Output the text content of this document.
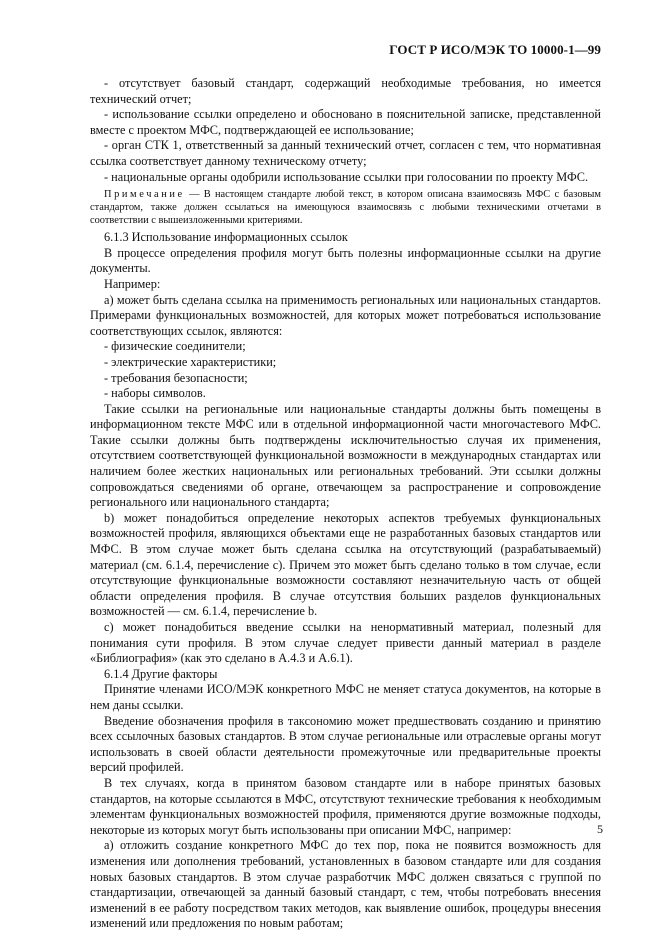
ГОСТ Р ИСО/МЭК ТО 10000-1—99

- отсутствует базовый стандарт, содержащий необходимые требования, но имеется технический отчет;

- использование ссылки определено и обосновано в пояснительной записке, представленной вместе с проектом МФС, подтверждающей ее использование;

- орган СТК 1, ответственный за данный технический отчет, согласен с тем, что нормативная ссылка соответствует данному техническому отчету;

- национальные органы одобрили использование ссылки при голосовании по проекту МФС.

Примечание — В настоящем стандарте любой текст, в котором описана взаимосвязь МФС с базовым стандартом, также должен ссылаться на имеющуюся взаимосвязь с любыми техническими отчетами в соответствии с вышеизложенными критериями.

6.1.3 Использование информационных ссылок

В процессе определения профиля могут быть полезны информационные ссылки на другие документы.

Например:

а) может быть сделана ссылка на применимость региональных или национальных стандартов. Примерами функциональных возможностей, для которых может потребоваться использование соответствующих ссылок, являются:

- физические соединители;

- электрические характеристики;

- требования безопасности;

- наборы символов.

Такие ссылки на региональные или национальные стандарты должны быть помещены в информационном тексте МФС или в отдельной информационной части многочастевого МФС. Такие ссылки должны быть подтверждены исключительностью случая их применения, отсутствием соответствующей функциональной возможности в международных стандартах или наличием более жестких национальных или региональных требований. Эти ссылки должны сопровождаться сведениями об органе, отвечающем за распространение и сопровождение регионального или национального стандарта;

b) может понадобиться определение некоторых аспектов требуемых функциональных возможностей профиля, являющихся объектами еще не разработанных базовых стандартов или МФС. В этом случае может быть сделана ссылка на отсутствующий (разрабатываемый) материал (см. 6.1.4, перечисление с). Причем это может быть сделано только в том случае, если отсутствующие функциональные возможности составляют незначительную часть от общей области определения профиля. В случае отсутствия больших разделов функциональных возможностей — см. 6.1.4, перечисление b.

с) может понадобиться введение ссылки на ненормативный материал, полезный для понимания сути профиля. В этом случае следует привести данный материал в разделе «Библиография» (как это сделано в А.4.3 и А.6.1).

6.1.4 Другие факторы

Принятие членами ИСО/МЭК конкретного МФС не меняет статуса документов, на которые в нем даны ссылки.

Введение обозначения профиля в таксономию может предшествовать созданию и принятию всех ссылочных базовых стандартов. В этом случае региональные или отраслевые органы могут использовать в своей области деятельности промежуточные или предварительные проекты версий профилей.

В тех случаях, когда в принятом базовом стандарте или в наборе принятых базовых стандартов, на которые ссылаются в МФС, отсутствуют технические требования к необходимым элементам функциональных возможностей профиля, применяются другие возможные подходы, некоторые из которых могут быть использованы при описании МФС, например:

а) отложить создание конкретного МФС до тех пор, пока не появится возможность для изменения или дополнения требований, установленных в базовом стандарте или для создания новых базовых стандартов. В этом случае разработчик МФС должен связаться с группой по стандартизации, отвечающей за данный базовый стандарт, с тем, чтобы потребовать внесения изменений в ее работу посредством таких методов, как выявление ошибок, процедуры внесения изменений или предложения по новым работам;

5
